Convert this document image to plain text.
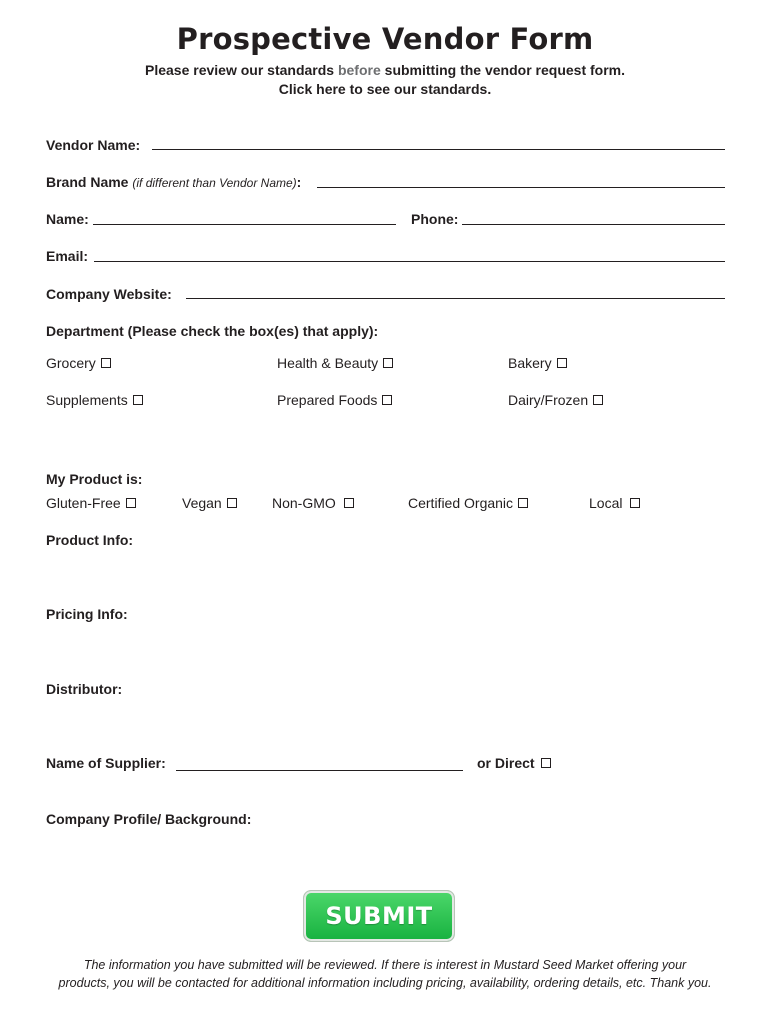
Prospective Vendor Form
Please review our standards before submitting the vendor request form.
Click here to see our standards.
Vendor Name:
Brand Name (if different than Vendor Name):
Name:	Phone:
Email:
Company Website:
Department (Please check the box(es) that apply):
Grocery	Health & Beauty	Bakery
Supplements	Prepared Foods	Dairy/Frozen
My Product is:
Gluten-Free	Vegan	Non-GMO	Certified Organic	Local
Product Info:
Pricing Info:
Distributor:
Name of Supplier:	or Direct
Company Profile/ Background:
SUBMIT
The information you have submitted will be reviewed. If there is interest in Mustard Seed Market offering your
products, you will be contacted for additional information including pricing, availability, ordering details, etc. Thank you.
